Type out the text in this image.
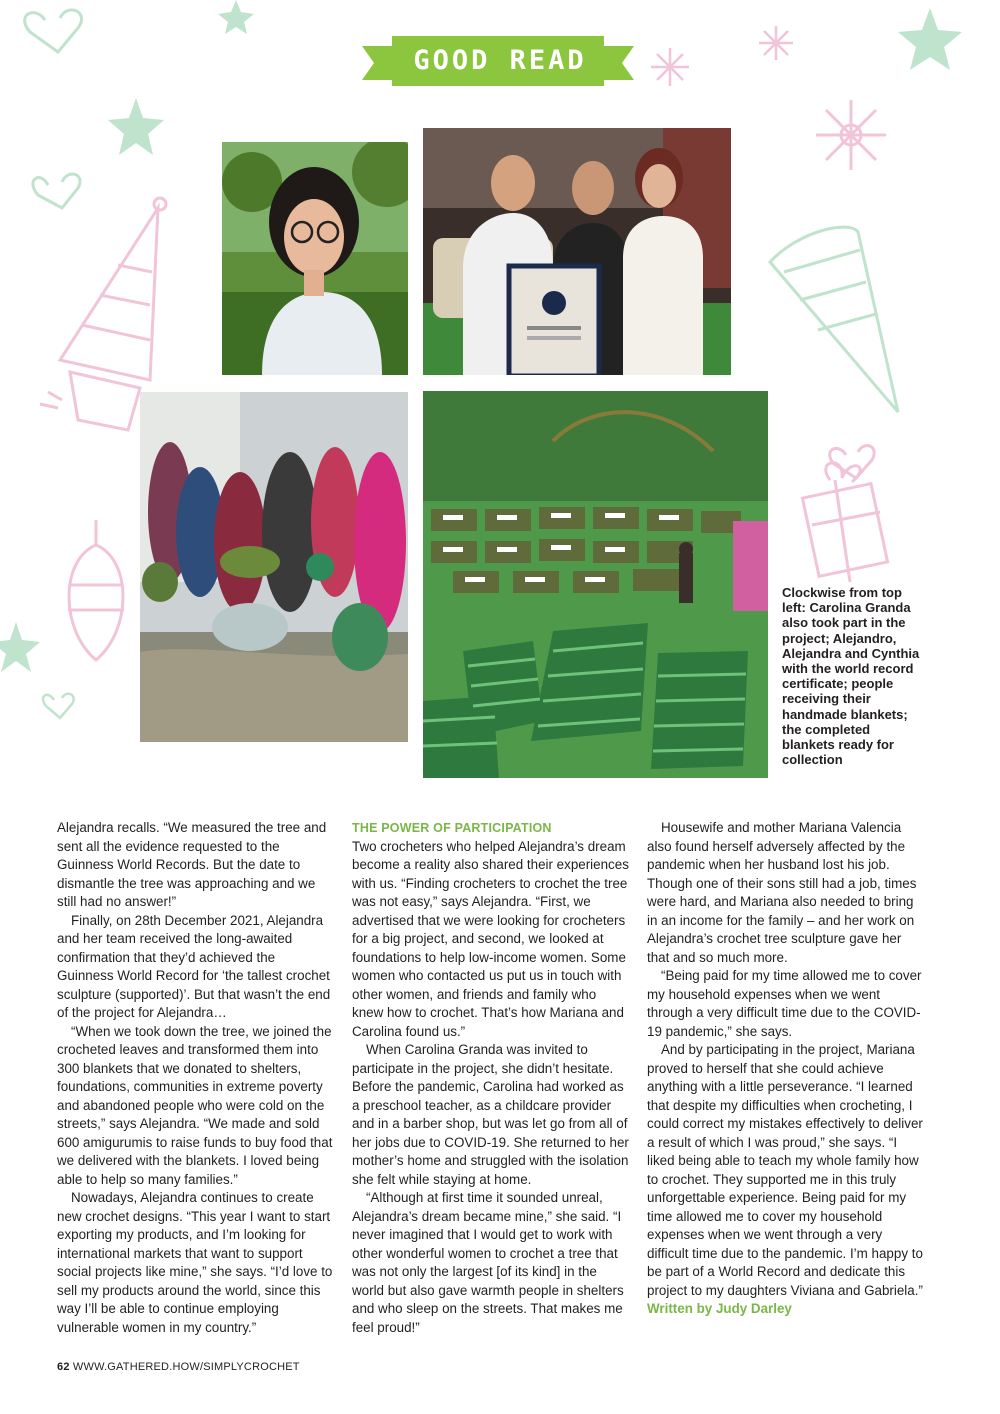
GOOD READ
Clockwise from top left: Carolina Granda also took part in the project; Alejandro, Alejandra and Cynthia with the world record certificate; people receiving their handmade blankets; the completed blankets ready for collection

Alejandra recalls. “We measured the tree and sent all the evidence requested to the Guinness World Records. But the date to dismantle the tree was approaching and we still had no answer!”

Finally, on 28th December 2021, Alejandra and her team received the long-awaited confirmation that they’d achieved the Guinness World Record for ‘the tallest crochet sculpture (supported)’. But that wasn’t the end of the project for Alejandra…

“When we took down the tree, we joined the crocheted leaves and transformed them into 300 blankets that we donated to shelters, foundations, communities in extreme poverty and abandoned people who were cold on the streets,” says Alejandra. “We made and sold 600 amigurumis to raise funds to buy food that we delivered with the blankets. I loved being able to help so many families.”

Nowadays, Alejandra continues to create new crochet designs. “This year I want to start exporting my products, and I’m looking for international markets that want to support social projects like mine,” she says. “I’d love to sell my products around the world, since this way I’ll be able to continue employing vulnerable women in my country.”

THE POWER OF PARTICIPATION

Two crocheters who helped Alejandra’s dream become a reality also shared their experiences with us. “Finding crocheters to crochet the tree was not easy,” says Alejandra. “First, we advertised that we were looking for crocheters for a big project, and second, we looked at foundations to help low-income women. Some women who contacted us put us in touch with other women, and friends and family who knew how to crochet. That’s how Mariana and Carolina found us.”

When Carolina Granda was invited to participate in the project, she didn’t hesitate. Before the pandemic, Carolina had worked as a preschool teacher, as a childcare provider and in a barber shop, but was let go from all of her jobs due to COVID-19. She returned to her mother’s home and struggled with the isolation she felt while staying at home.

“Although at first time it sounded unreal, Alejandra’s dream became mine,” she said. “I never imagined that I would get to work with other wonderful women to crochet a tree that was not only the largest [of its kind] in the world but also gave warmth people in shelters and who sleep on the streets. That makes me feel proud!”

Housewife and mother Mariana Valencia also found herself adversely affected by the pandemic when her husband lost his job. Though one of their sons still had a job, times were hard, and Mariana also needed to bring in an income for the family – and her work on Alejandra’s crochet tree sculpture gave her that and so much more.

“Being paid for my time allowed me to cover my household expenses when we went through a very difficult time due to the COVID-19 pandemic,” she says.

And by participating in the project, Mariana proved to herself that she could achieve anything with a little perseverance. “I learned that despite my difficulties when crocheting, I could correct my mistakes effectively to deliver a result of which I was proud,” she says. “I liked being able to teach my whole family how to crochet. They supported me in this truly unforgettable experience. Being paid for my time allowed me to cover my household expenses when we went through a very difficult time due to the pandemic. I’m happy to be part of a World Record and dedicate this project to my daughters Viviana and Gabriela.”

Written by Judy Darley

62 WWW.GATHERED.HOW/SIMPLYCROCHET
